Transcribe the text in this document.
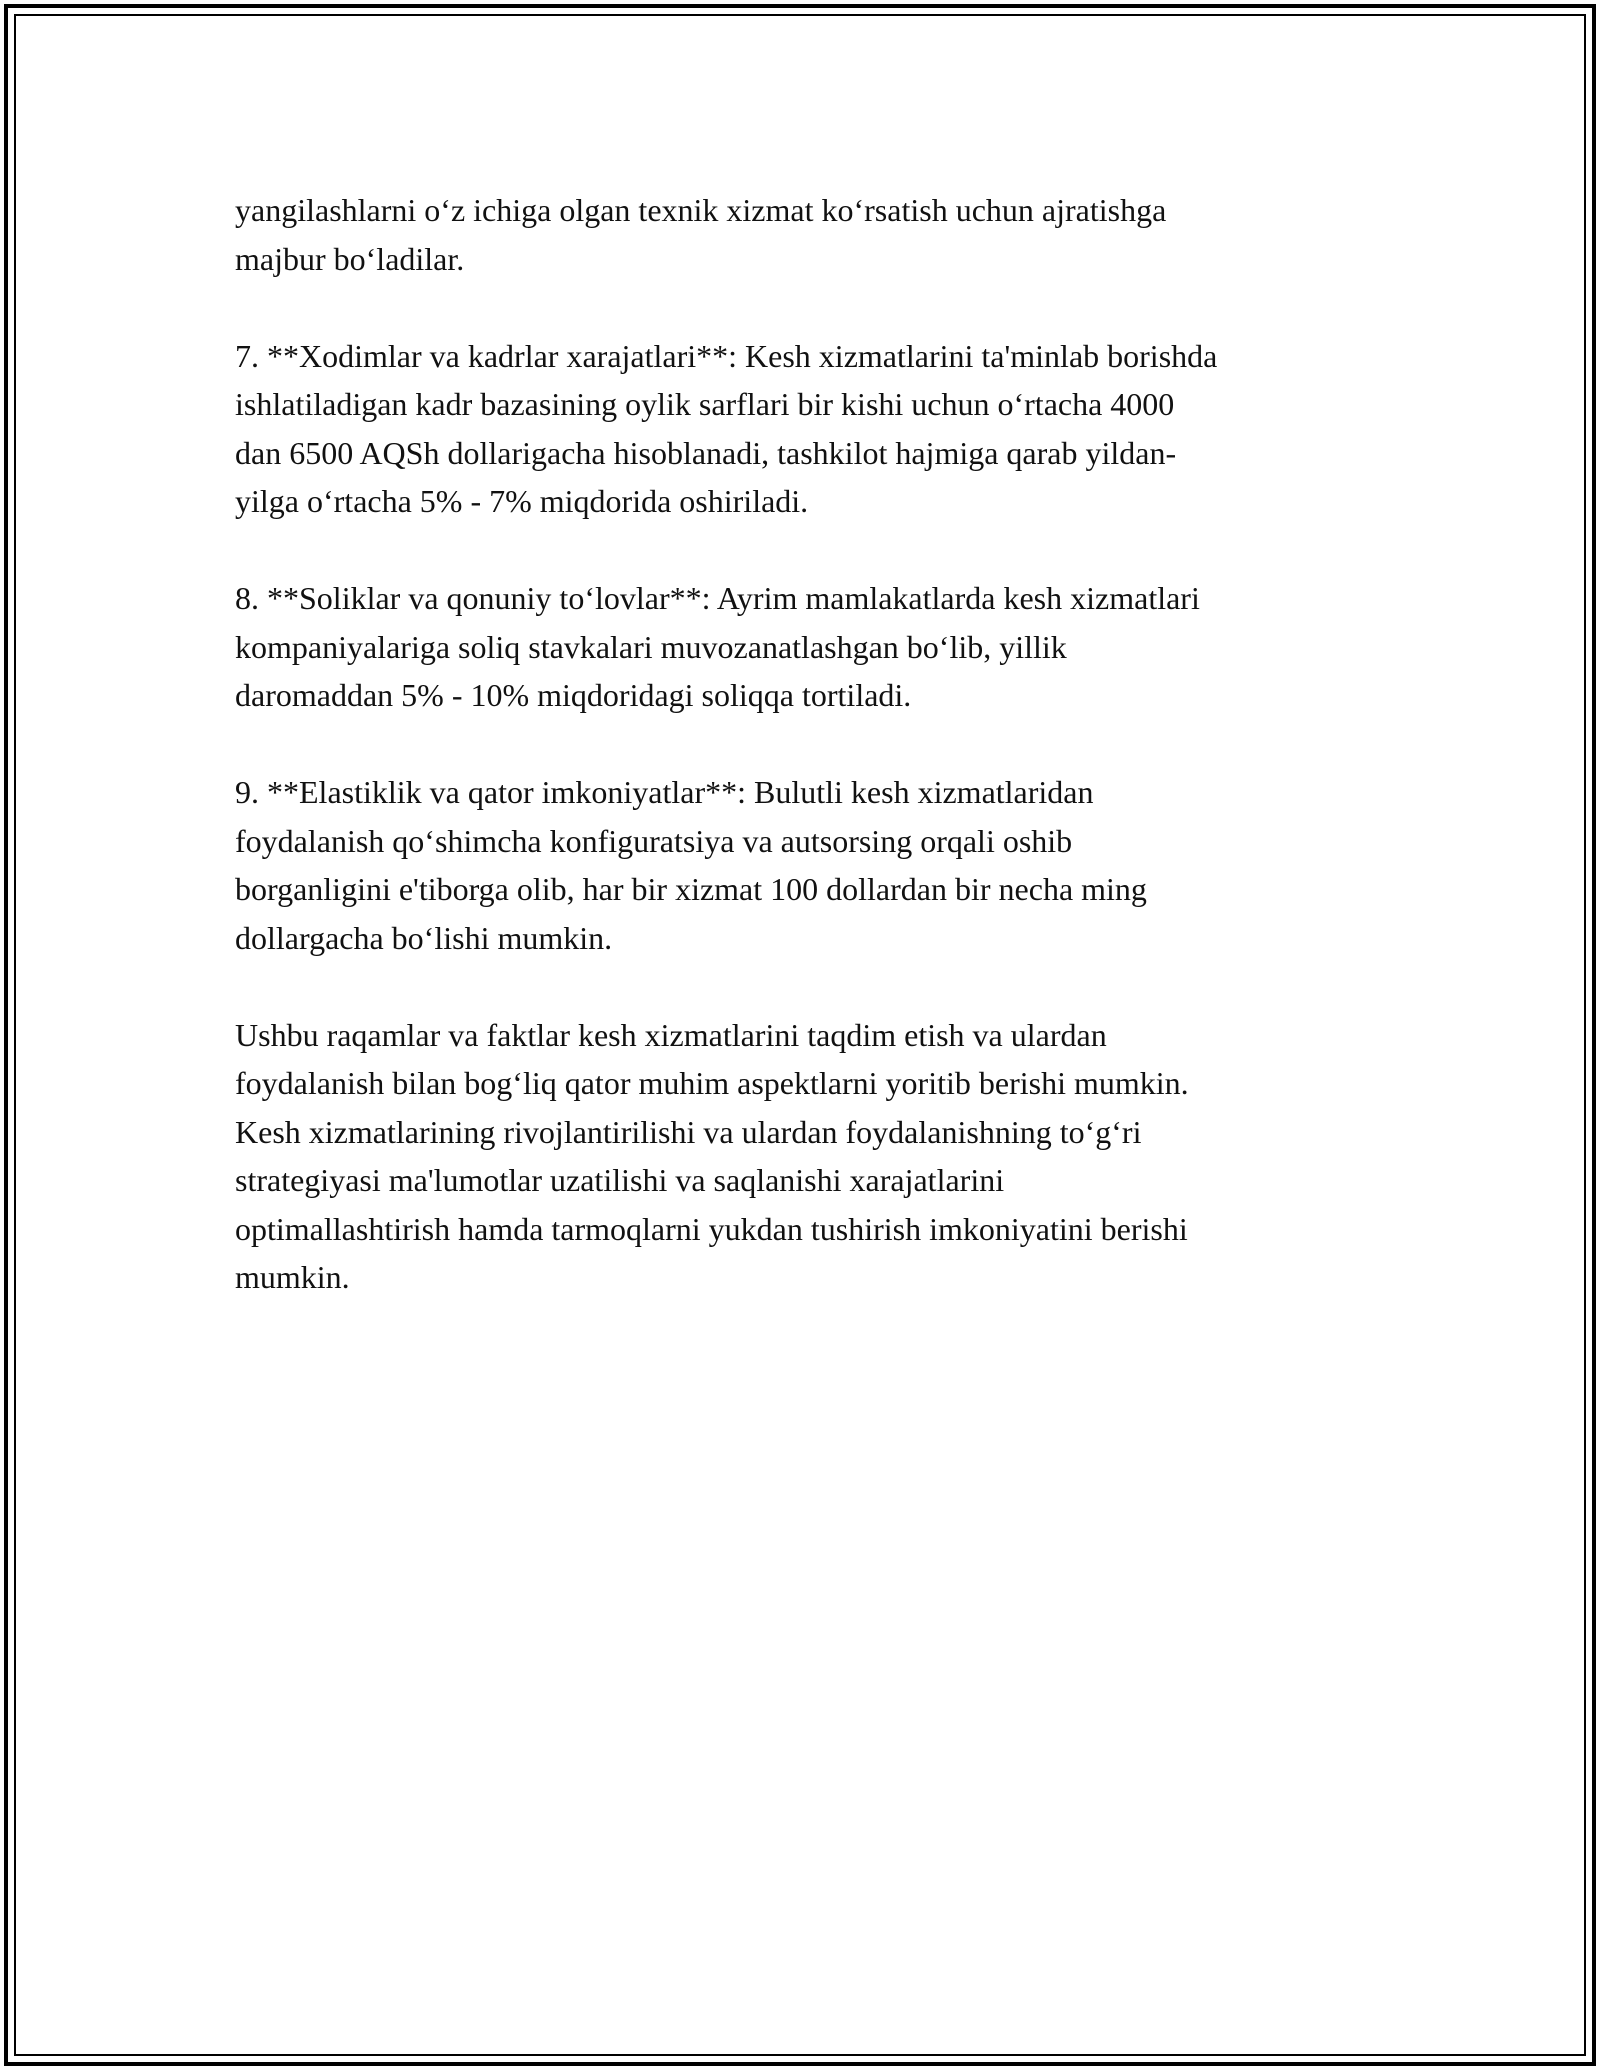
yangilashlarni o‘z ichiga olgan texnik xizmat ko‘rsatish uchun ajratishga
majbur bo‘ladilar.

7. **Xodimlar va kadrlar xarajatlari**: Kesh xizmatlarini ta'minlab borishda
ishlatiladigan kadr bazasining oylik sarflari bir kishi uchun o‘rtacha 4000
dan 6500 AQSh dollarigacha hisoblanadi, tashkilot hajmiga qarab yildan-
yilga o‘rtacha 5% - 7% miqdorida oshiriladi.

8. **Soliklar va qonuniy to‘lovlar**: Ayrim mamlakatlarda kesh xizmatlari
kompaniyalariga soliq stavkalari muvozanatlashgan bo‘lib, yillik
daromaddan 5% - 10% miqdoridagi soliqqa tortiladi.

9. **Elastiklik va qator imkoniyatlar**: Bulutli kesh xizmatlaridan
foydalanish qo‘shimcha konfiguratsiya va autsorsing orqali oshib
borganligini e'tiborga olib, har bir xizmat 100 dollardan bir necha ming
dollargacha bo‘lishi mumkin.

Ushbu raqamlar va faktlar kesh xizmatlarini taqdim etish va ulardan
foydalanish bilan bog‘liq qator muhim aspektlarni yoritib berishi mumkin.
Kesh xizmatlarining rivojlantirilishi va ulardan foydalanishning to‘g‘ri
strategiyasi ma'lumotlar uzatilishi va saqlanishi xarajatlarini
optimallashtirish hamda tarmoqlarni yukdan tushirish imkoniyatini berishi
mumkin.
